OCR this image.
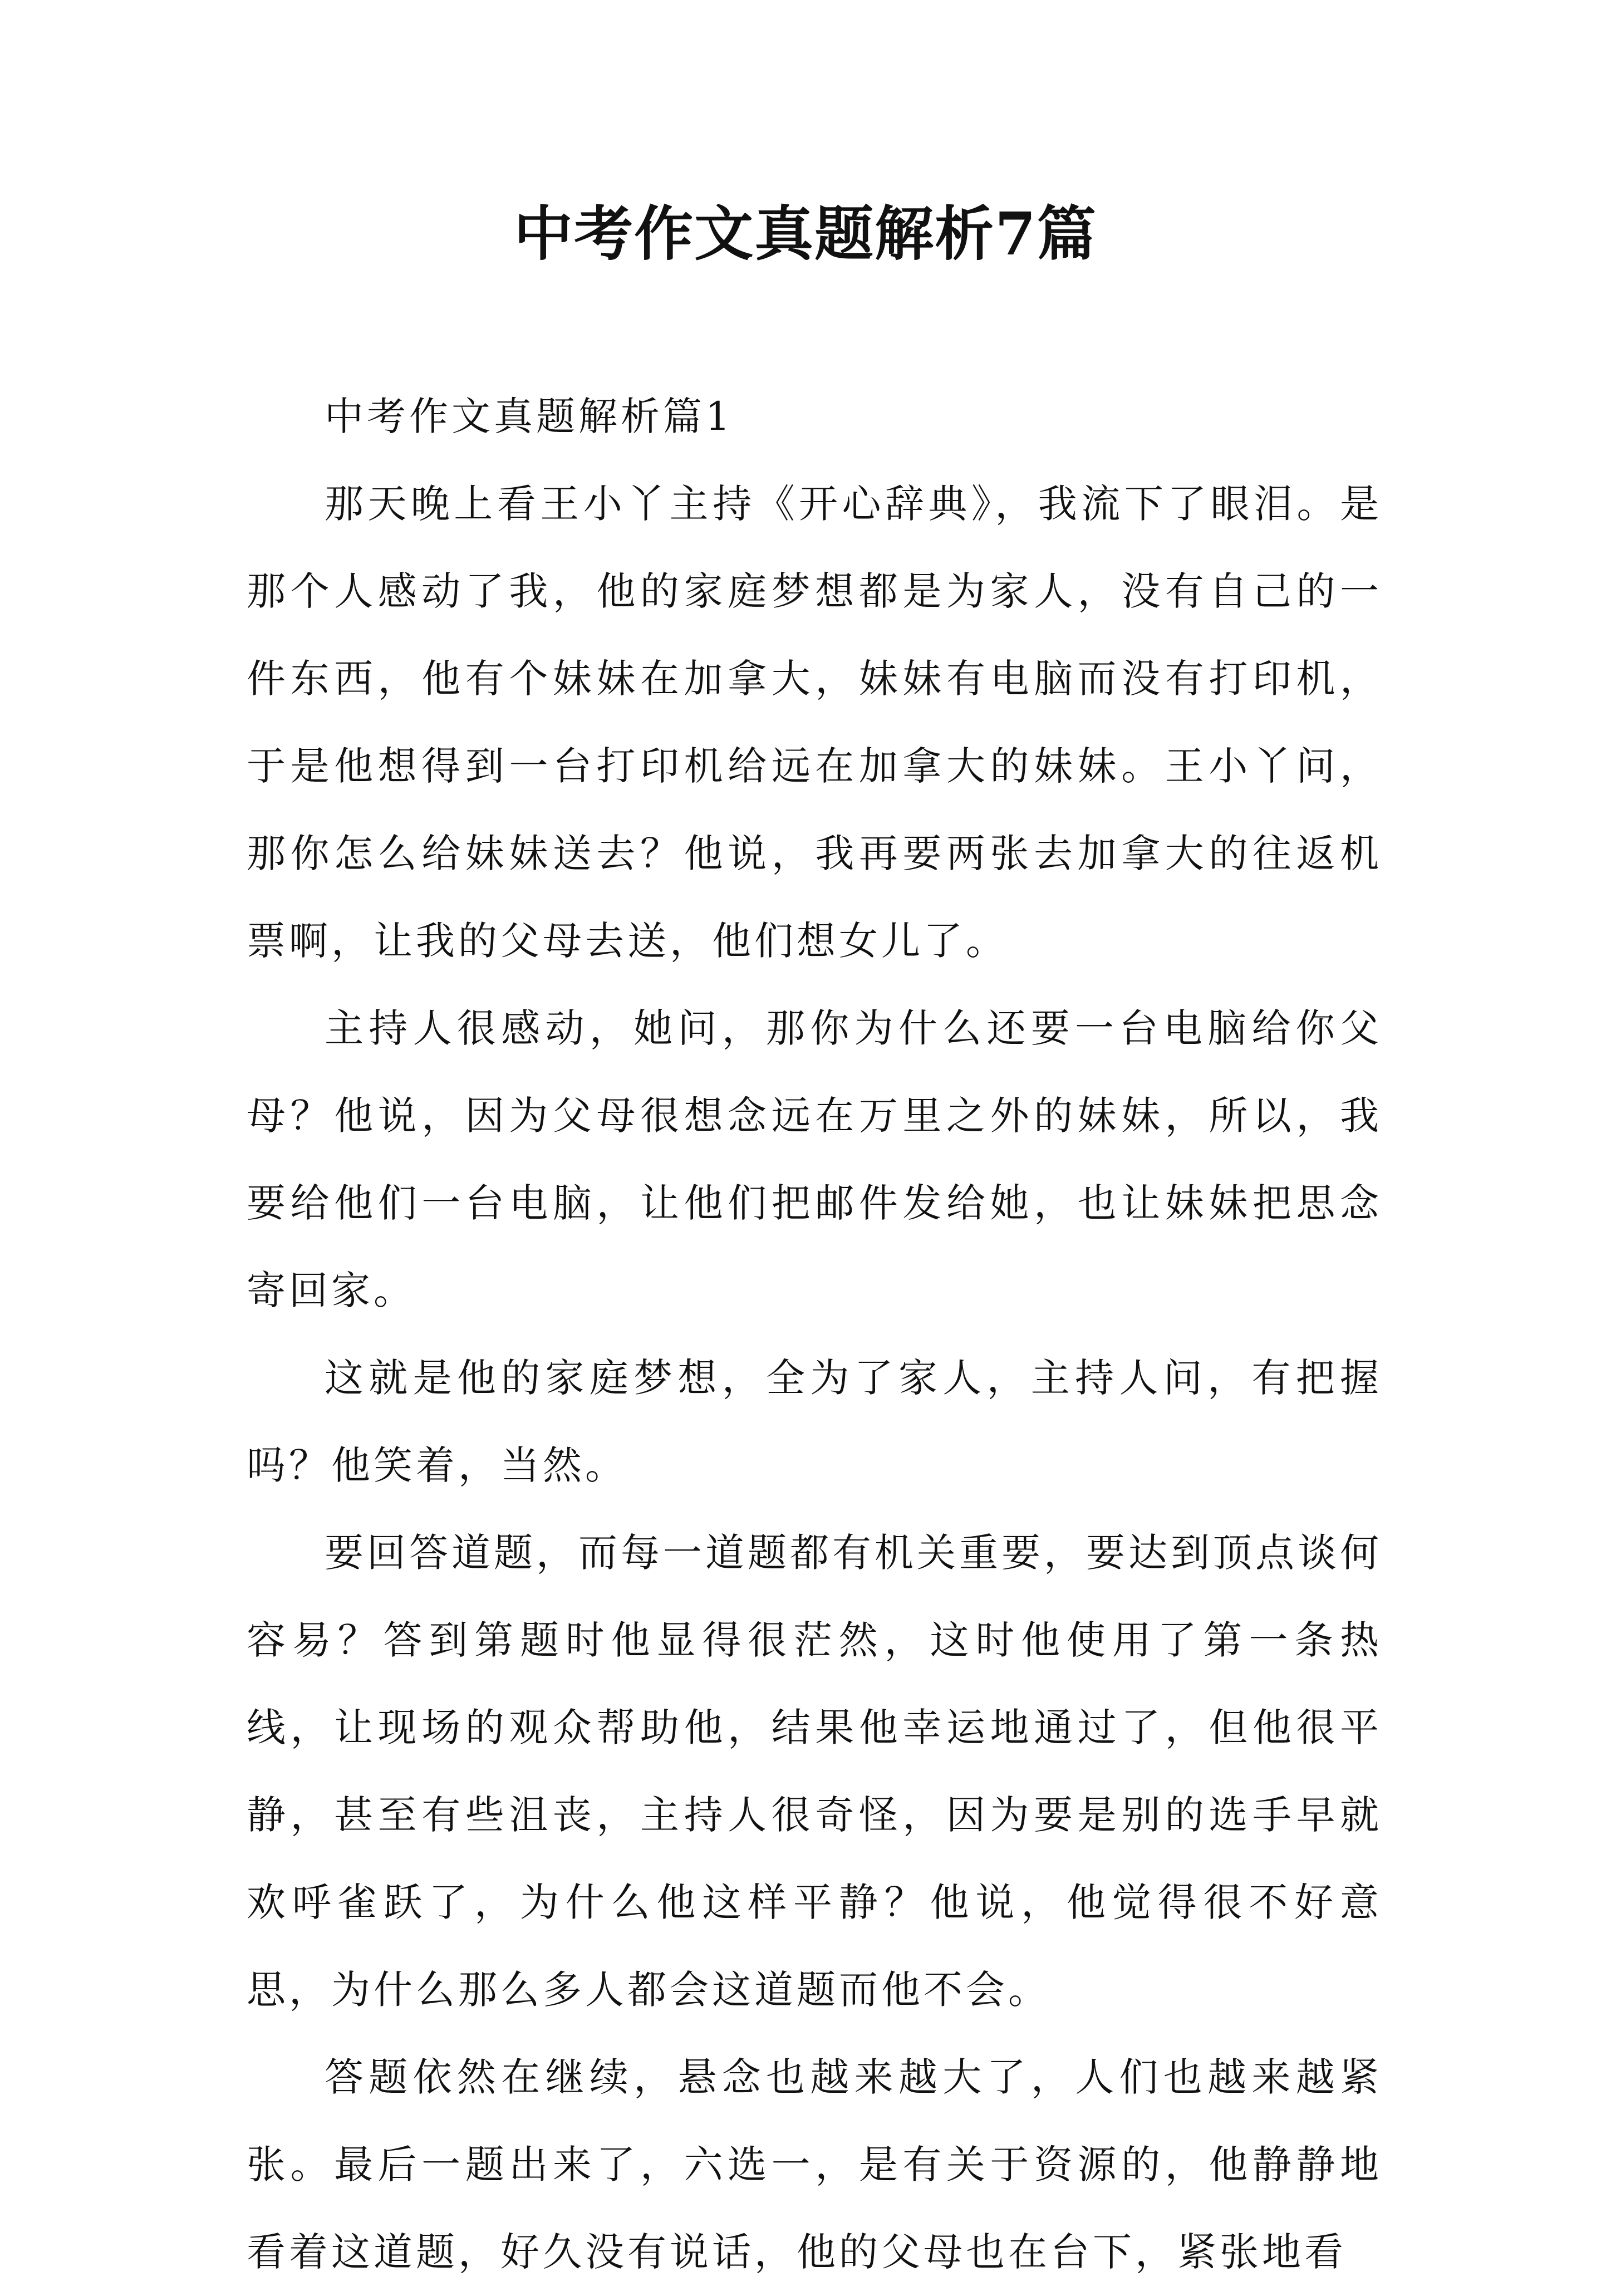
中考作文真题解析7篇

中考作文真题解析篇1

那天晚上看王小丫主持《开心辞典》，我流下了眼泪。是那个人感动了我，他的家庭梦想都是为家人，没有自己的一件东西，他有个妹妹在加拿大，妹妹有电脑而没有打印机，于是他想得到一台打印机给远在加拿大的妹妹。王小丫问，那你怎么给妹妹送去？他说，我再要两张去加拿大的往返机票啊，让我的父母去送，他们想女儿了。

主持人很感动，她问，那你为什么还要一台电脑给你父母？他说，因为父母很想念远在万里之外的妹妹，所以，我要给他们一台电脑，让他们把邮件发给她，也让妹妹把思念寄回家。

这就是他的家庭梦想，全为了家人，主持人问，有把握吗？他笑着，当然。

要回答道题，而每一道题都有机关重要，要达到顶点谈何容易？答到第题时他显得很茫然，这时他使用了第一条热线，让现场的观众帮助他，结果他幸运地通过了，但他很平静，甚至有些沮丧，主持人很奇怪，因为要是别的选手早就欢呼雀跃了，为什么他这样平静？他说，他觉得很不好意思，为什么那么多人都会这道题而他不会。

答题依然在继续，悬念也越来越大了，人们也越来越紧张。最后一题出来了，六选一，是有关于资源的，他静静地看着这道题，好久没有说话，他的父母也在台下，紧张地看
